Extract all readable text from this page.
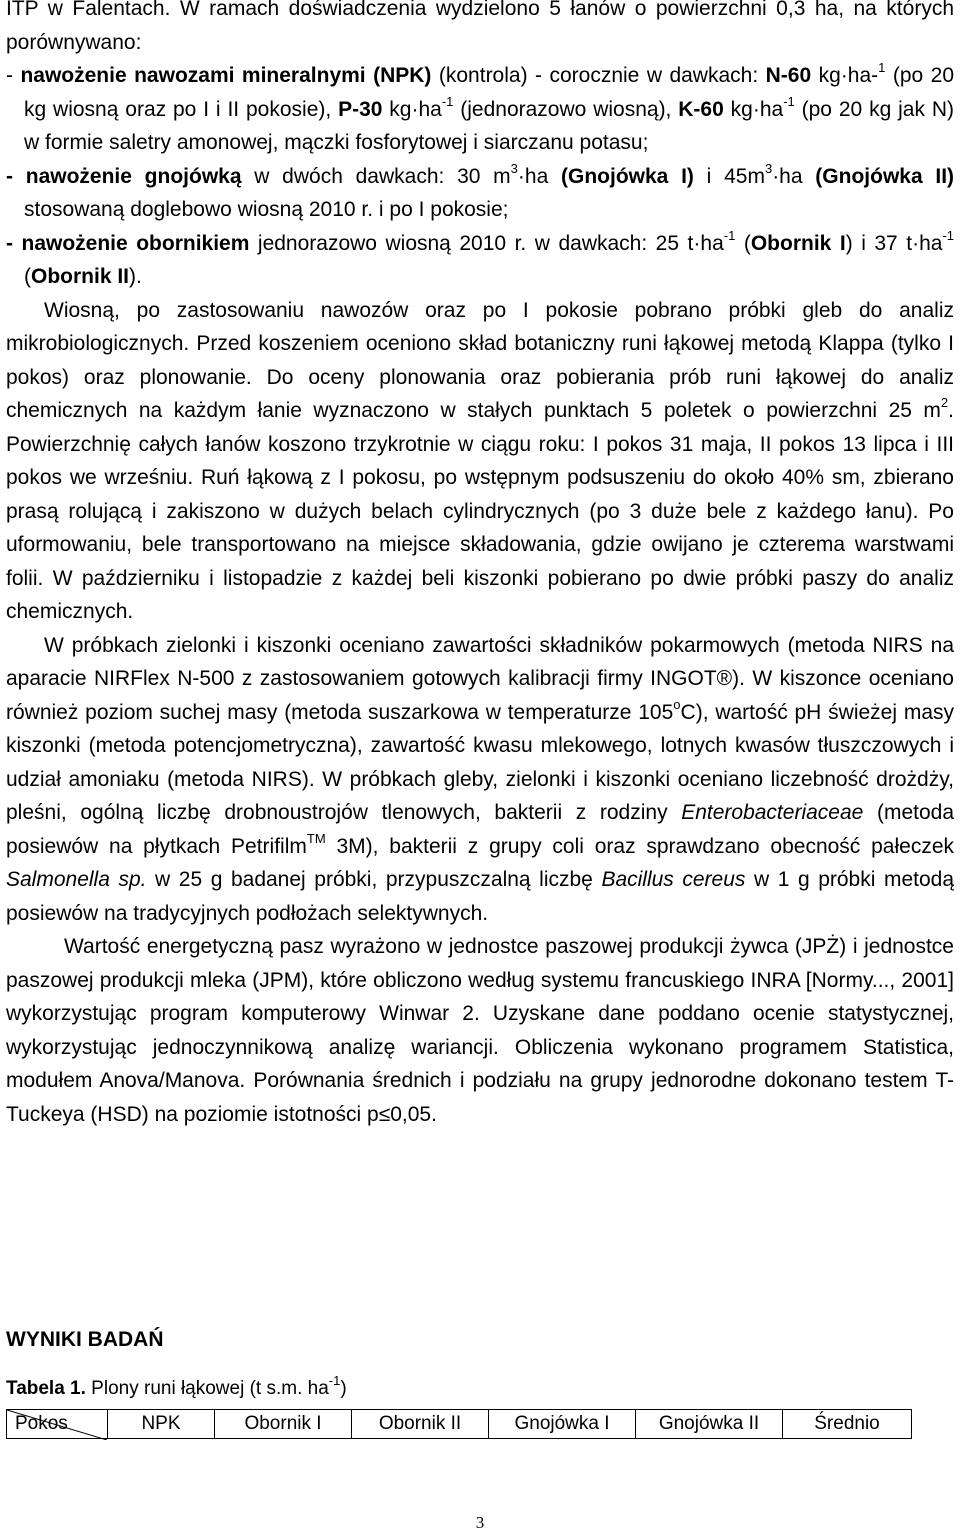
ITP w Falentach. W ramach doświadczenia wydzielono 5 łanów o powierzchni 0,3 ha, na których porównywano:

- nawożenie nawozami mineralnymi (NPK) (kontrola) - corocznie w dawkach: N-60 kg·ha-$^1$ (po 20 kg wiosną oraz po I i II pokosie), P-30 $kg\cdot ha^{-1}$ (jednorazowo wiosną), K-60 $kg\cdot ha^{-1}$ (po 20 kg jak N) w formie saletry amonowej, mączki fosforytowej i siarczanu potasu;

- nawożenie gnojówką w dwóch dawkach: 30 $m^3\cdot ha$ (Gnojówka I) i $45m^3\cdot ha$ (Gnojówka II) stosowaną doglebowo wiosną 2010 r. i po I pokosie;

- nawożenie obornikiem jednorazowo wiosną 2010 r. w dawkach: 25 $t\cdot ha^{-1}$ (Obornik I) i 37 $t\cdot ha^{-1}$ (Obornik II).

Wiosną, po zastosowaniu nawozów oraz po I pokosie pobrano próbki gleb do analiz mikrobiologicznych. Przed koszeniem oceniono skład botaniczny runi łąkowej metodą Klappa (tylko I pokos) oraz plonowanie. Do oceny plonowania oraz pobierania prób runi łąkowej do analiz chemicznych na każdym łanie wyznaczono w stałych punktach 5 poletek o powierzchni 25 $m^2$. Powierzchnię całych łanów koszono trzykrotnie w ciągu roku: I pokos 31 maja, II pokos 13 lipca i III pokos we wrześniu. Ruń łąkową z I pokosu, po wstępnym podsuszeniu do około 40% sm, zbierano prasą rolującą i zakiszono w dużych belach cylindrycznych (po 3 duże bele z każdego łanu). Po uformowaniu, bele transportowano na miejsce składowania, gdzie owijano je czterema warstwami folii. W październiku i listopadzie z każdej beli kiszonki pobierano po dwie próbki paszy do analiz chemicznych.

W próbkach zielonki i kiszonki oceniano zawartości składników pokarmowych (metoda NIRS na aparacie NIRFlex N-500 z zastosowaniem gotowych kalibracji firmy INGOT®). W kiszonce oceniano również poziom suchej masy (metoda suszarkowa w temperaturze 105$^o$C), wartość pH świeżej masy kiszonki (metoda potencjometryczna), zawartość kwasu mlekowego, lotnych kwasów tłuszczowych i udział amoniaku (metoda NIRS). W próbkach gleby, zielonki i kiszonki oceniano liczebność drożdży, pleśni, ogólną liczbę drobnoustrojów tlenowych, bakterii z rodziny Enterobacteriaceae (metoda posiewów na płytkach Petrifilm™ 3M), bakterii z grupy coli oraz sprawdzano obecność pałeczek Salmonella sp. w 25 g badanej próbki, przypuszczalną liczbę Bacillus cereus w 1 g próbki metodą posiewów na tradycyjnych podłożach selektywnych.

Wartość energetyczną pasz wyrażono w jednostce paszowej produkcji żywca (JPŻ) i jednostce paszowej produkcji mleka (JPM), które obliczono według systemu francuskiego INRA [Normy..., 2001] wykorzystując program komputerowy Winwar 2. Uzyskane dane poddano ocenie statystycznej, wykorzystując jednoczynnikową analizę wariancji. Obliczenia wykonano programem Statistica, modułem Anova/Manova. Porównania średnich i podziału na grupy jednorodne dokonano testem T-Tuckeya (HSD) na poziomie istotności p≤0,05.

WYNIKI BADAŃ
Tabela 1. Plony runi łąkowej (t s.m. $ha^{-1}$)
Pokos	NPK	Obornik I	Obornik II	Gnojówka I	Gnojówka II	Średnio
3
